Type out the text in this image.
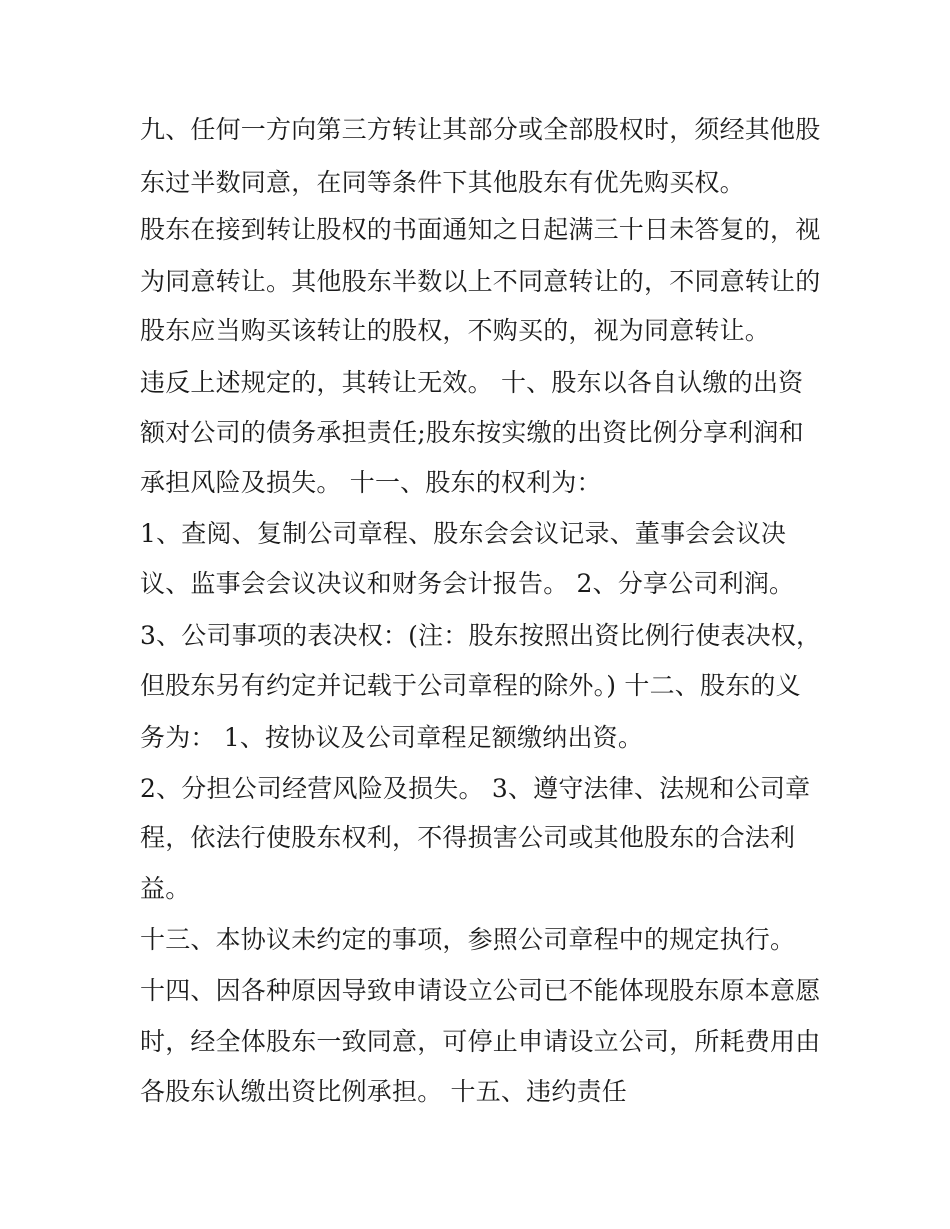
九、任何一方向第三方转让其部分或全部股权时，须经其他股
东过半数同意，在同等条件下其他股东有优先购买权。
股东在接到转让股权的书面通知之日起满三十日未答复的，视
为同意转让。其他股东半数以上不同意转让的，不同意转让的
股东应当购买该转让的股权，不购买的，视为同意转让。
违反上述规定的，其转让无效。 十、股东以各自认缴的出资
额对公司的债务承担责任;股东按实缴的出资比例分享利润和
承担风险及损失。 十一、股东的权利为：
1、查阅、复制公司章程、股东会会议记录、董事会会议决
议、监事会会议决议和财务会计报告。 2、分享公司利润。
3、公司事项的表决权：(注：股东按照出资比例行使表决权，
但股东另有约定并记载于公司章程的除外。) 十二、股东的义
务为： 1、按协议及公司章程足额缴纳出资。
2、分担公司经营风险及损失。 3、遵守法律、法规和公司章
程，依法行使股东权利，不得损害公司或其他股东的合法利
益。
十三、本协议未约定的事项，参照公司章程中的规定执行。
十四、因各种原因导致申请设立公司已不能体现股东原本意愿
时，经全体股东一致同意，可停止申请设立公司，所耗费用由
各股东认缴出资比例承担。 十五、违约责任
